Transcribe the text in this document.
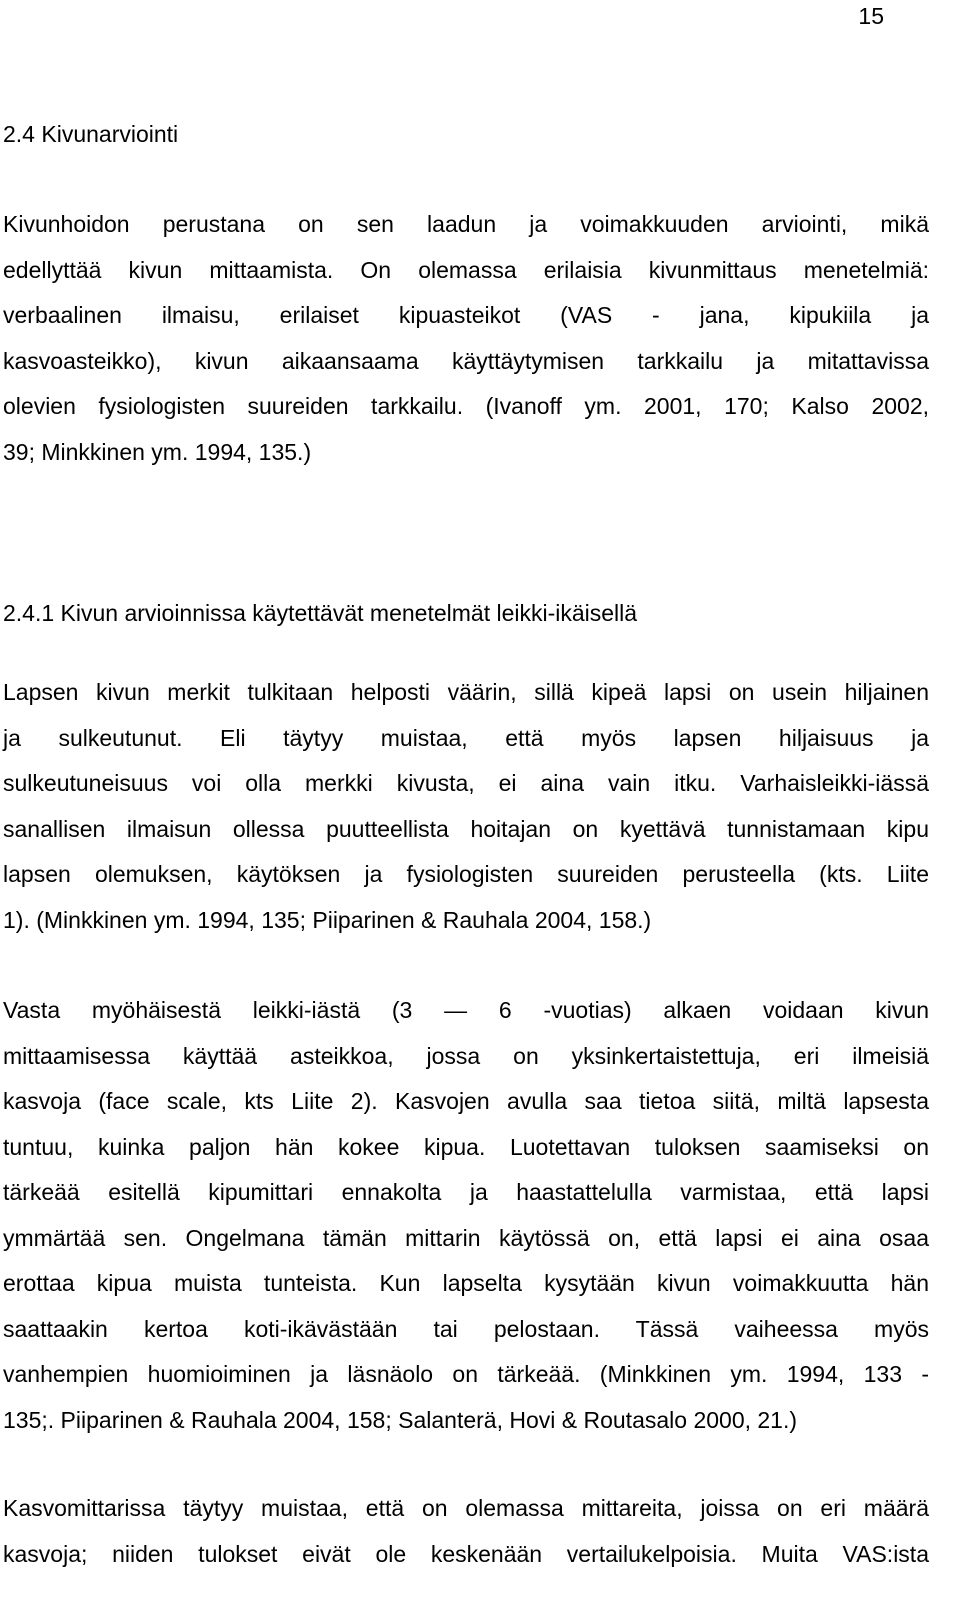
15
2.4 Kivunarviointi

Kivunhoidon perustana on sen laadun ja voimakkuuden arviointi, mikä
edellyttää kivun mittaamista. On olemassa erilaisia kivunmittaus menetelmiä:
verbaalinen ilmaisu, erilaiset kipuasteikot (VAS - jana, kipukiila ja
kasvoasteikko), kivun aikaansaama käyttäytymisen tarkkailu ja mitattavissa
olevien fysiologisten suureiden tarkkailu. (Ivanoff ym. 2001, 170; Kalso 2002,
39; Minkkinen ym. 1994, 135.)

2.4.1 Kivun arvioinnissa käytettävät menetelmät leikki-ikäisellä

Lapsen kivun merkit tulkitaan helposti väärin, sillä kipeä lapsi on usein hiljainen
ja sulkeutunut. Eli täytyy muistaa, että myös lapsen hiljaisuus ja
sulkeutuneisuus voi olla merkki kivusta, ei aina vain itku. Varhaisleikki-iässä
sanallisen ilmaisun ollessa puutteellista hoitajan on kyettävä tunnistamaan kipu
lapsen olemuksen, käytöksen ja fysiologisten suureiden perusteella (kts. Liite
1). (Minkkinen ym. 1994, 135; Piiparinen & Rauhala 2004, 158.)

Vasta myöhäisestä leikki-iästä (3 — 6 -vuotias) alkaen voidaan kivun
mittaamisessa käyttää asteikkoa, jossa on yksinkertaistettuja, eri ilmeisiä
kasvoja (face scale, kts Liite 2). Kasvojen avulla saa tietoa siitä, miltä lapsesta
tuntuu, kuinka paljon hän kokee kipua. Luotettavan tuloksen saamiseksi on
tärkeää esitellä kipumittari ennakolta ja haastattelulla varmistaa, että lapsi
ymmärtää sen. Ongelmana tämän mittarin käytössä on, että lapsi ei aina osaa
erottaa kipua muista tunteista. Kun lapselta kysytään kivun voimakkuutta hän
saattaakin kertoa koti-ikävästään tai pelostaan. Tässä vaiheessa myös
vanhempien huomioiminen ja läsnäolo on tärkeää. (Minkkinen ym. 1994, 133 -
135;. Piiparinen & Rauhala 2004, 158; Salanterä, Hovi & Routasalo 2000, 21.)

Kasvomittarissa täytyy muistaa, että on olemassa mittareita, joissa on eri määrä
kasvoja; niiden tulokset eivät ole keskenään vertailukelpoisia. Muita VAS:ista
